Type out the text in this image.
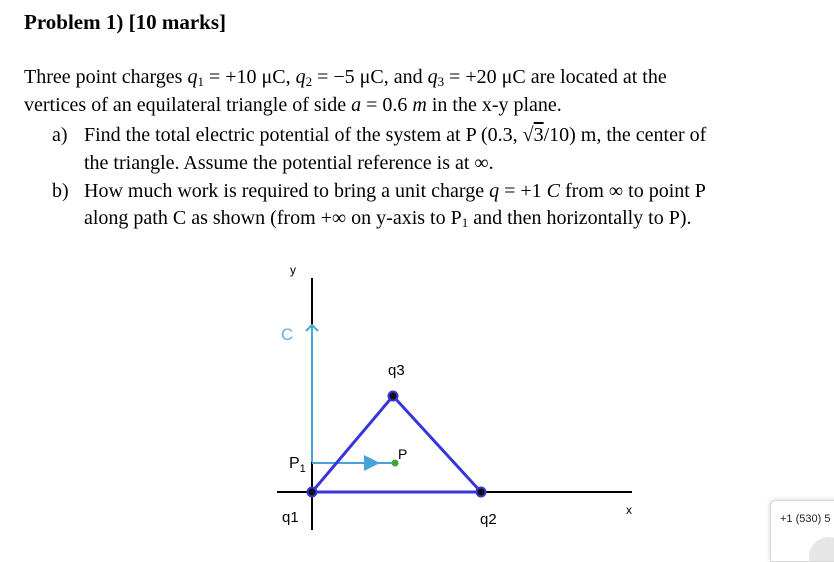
Problem 1) [10 marks]
Three point charges $q_1 = +10$ μC, $q_2 = -5$ μC, and $q_3 = +20$ μC are located at the
vertices of an equilateral triangle of side a = 0.6 m in the x-y plane.
a) Find the total electric potential of the system at P (0.3, √3/10) m, the center of
the triangle. Assume the potential reference is at ∞.
b) How much work is required to bring a unit charge q = +1 C from ∞ to point P
along path C as shown (from +∞ on y-axis to $P_1$ and then horizontally to P).
y
x
C
q3
P
$P_1$
q1	q2	+1 (530) 5
